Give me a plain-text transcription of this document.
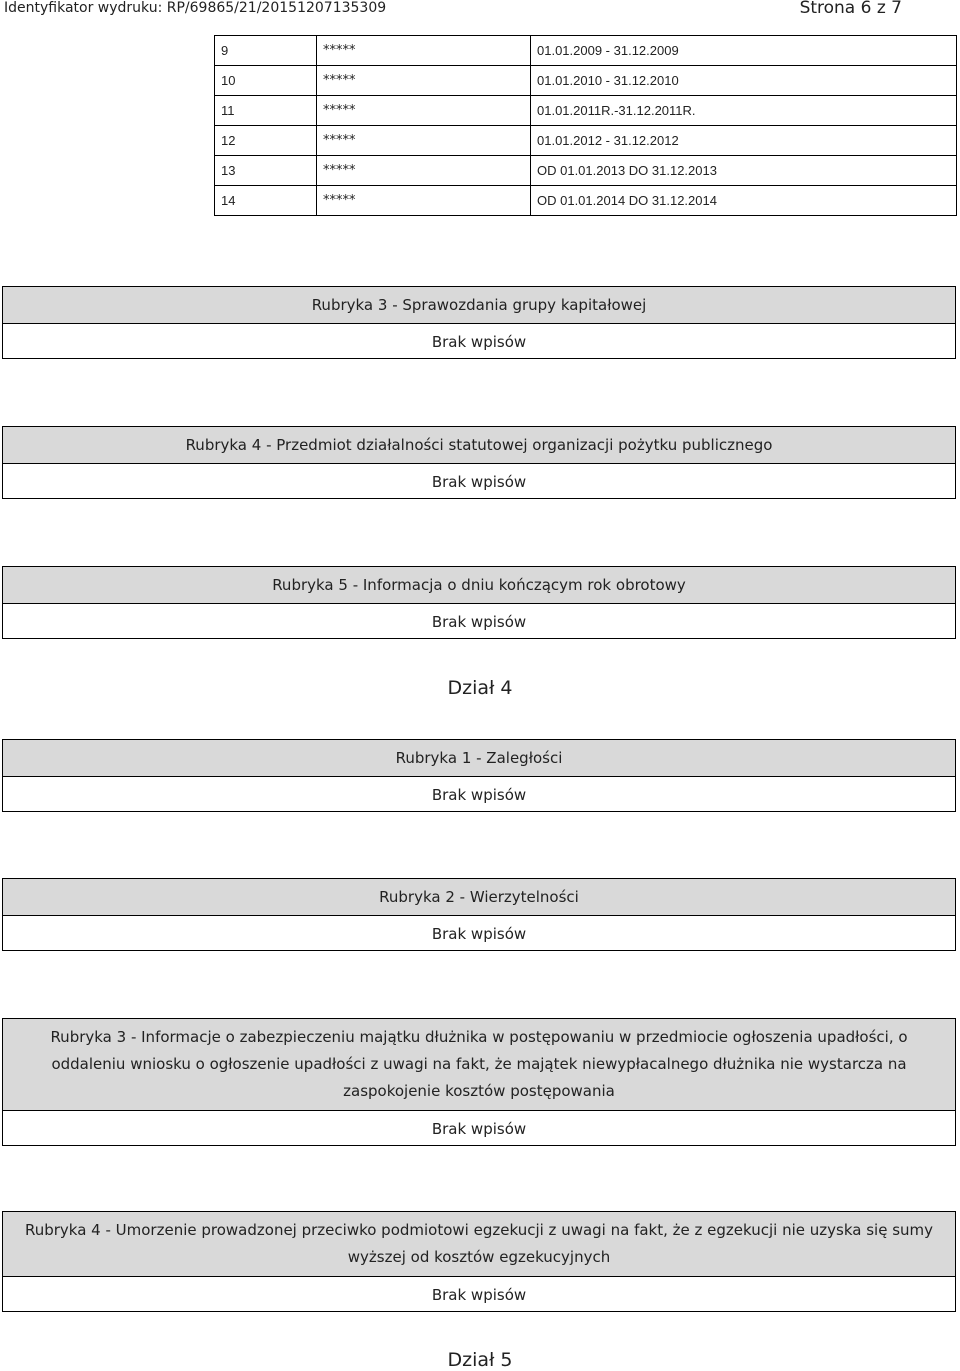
Identyfikator wydruku: RP/69865/21/20151207135309	Strona 6 z 7
9	*****	01.01.2009 - 31.12.2009
10	*****	01.01.2010 - 31.12.2010
11	*****	01.01.2011R.-31.12.2011R.
12	*****	01.01.2012 - 31.12.2012
13	*****	OD 01.01.2013 DO 31.12.2013
14	*****	OD 01.01.2014 DO 31.12.2014
Rubryka 3 - Sprawozdania grupy kapitałowej
Brak wpisów
Rubryka 4 - Przedmiot działalności statutowej organizacji pożytku publicznego
Brak wpisów
Rubryka 5 - Informacja o dniu kończącym rok obrotowy
Brak wpisów
Dział 4
Rubryka 1 - Zaległości
Brak wpisów
Rubryka 2 - Wierzytelności
Brak wpisów
Rubryka 3 - Informacje o zabezpieczeniu majątku dłużnika w postępowaniu w przedmiocie ogłoszenia upadłości, o oddaleniu wniosku o ogłoszenie upadłości z uwagi na fakt, że majątek niewypłacalnego dłużnika nie wystarcza na zaspokojenie kosztów postępowania
Brak wpisów
Rubryka 4 - Umorzenie prowadzonej przeciwko podmiotowi egzekucji z uwagi na fakt, że z egzekucji nie uzyska się sumy wyższej od kosztów egzekucyjnych
Brak wpisów
Dział 5
